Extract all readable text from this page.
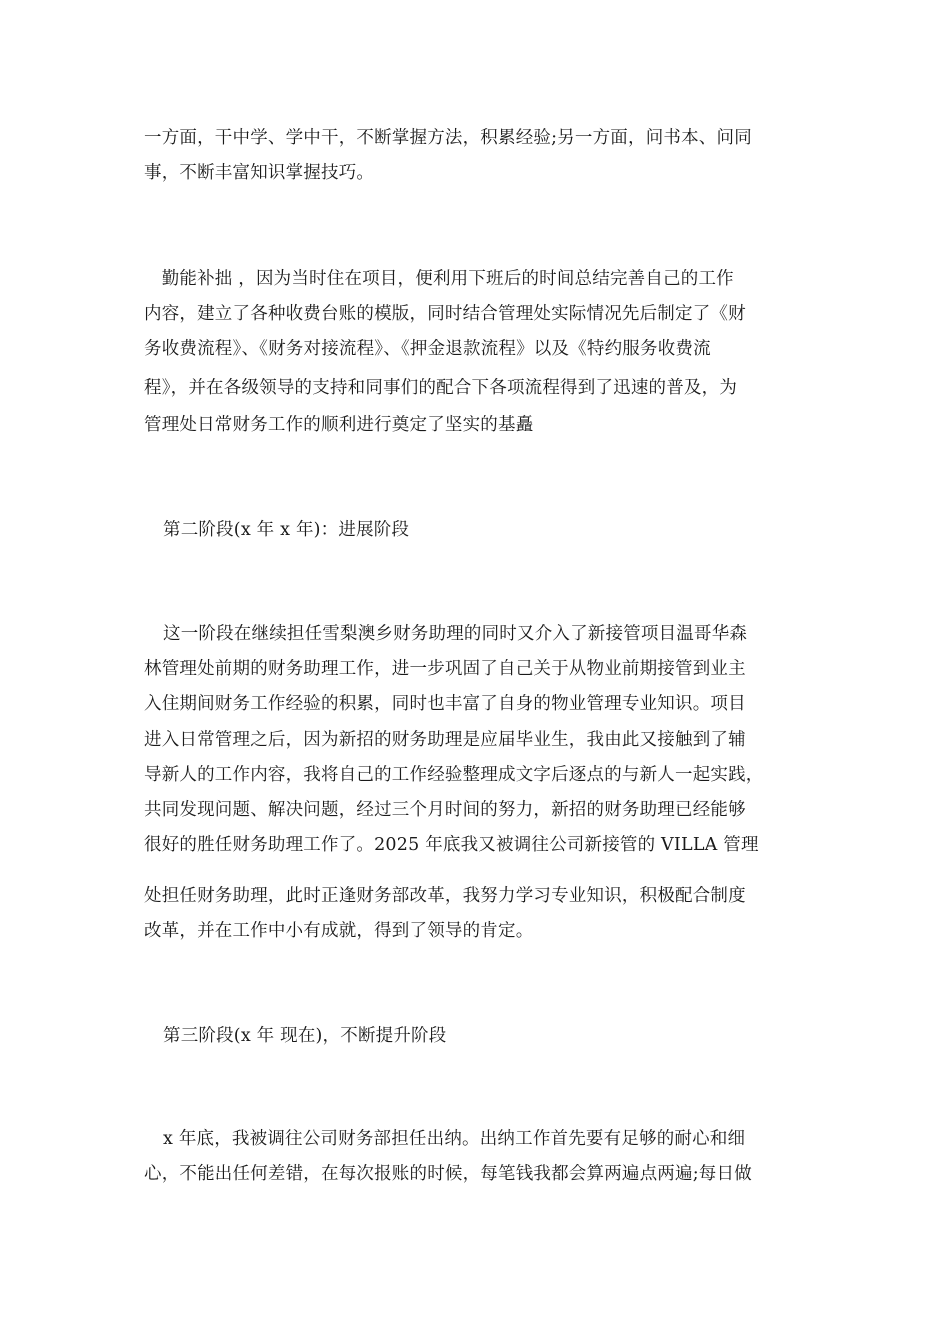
一方面，干中学、学中干，不断掌握方法，积累经验;另一方面，问书本、问同
事，不断丰富知识掌握技巧。
　勤能补拙 ，因为当时住在项目，便利用下班后的时间总结完善自己的工作
内容，建立了各种收费台账的模版，同时结合管理处实际情况先后制定了《财
务收费流程》、《财务对接流程》、《押金退款流程》以及《特约服务收费流
程》，并在各级领导的支持和同事们的配合下各项流程得到了迅速的普及，为
管理处日常财务工作的顺利进行奠定了坚实的基矗
第二阶段(x 年 x 年)：进展阶段
这一阶段在继续担任雪梨澳乡财务助理的同时又介入了新接管项目温哥华森
林管理处前期的财务助理工作，进一步巩固了自己关于从物业前期接管到业主
入住期间财务工作经验的积累，同时也丰富了自身的物业管理专业知识。项目
进入日常管理之后，因为新招的财务助理是应届毕业生，我由此又接触到了辅
导新人的工作内容，我将自己的工作经验整理成文字后逐点的与新人一起实践，
共同发现问题、解决问题，经过三个月时间的努力，新招的财务助理已经能够
很好的胜任财务助理工作了。2025 年底我又被调往公司新接管的 VILLA 管理
处担任财务助理，此时正逢财务部改革，我努力学习专业知识，积极配合制度
改革，并在工作中小有成就，得到了领导的肯定。
第三阶段(x 年 现在)，不断提升阶段
x 年底，我被调往公司财务部担任出纳。出纳工作首先要有足够的耐心和细
心，不能出任何差错，在每次报账的时候，每笔钱我都会算两遍点两遍;每日做
